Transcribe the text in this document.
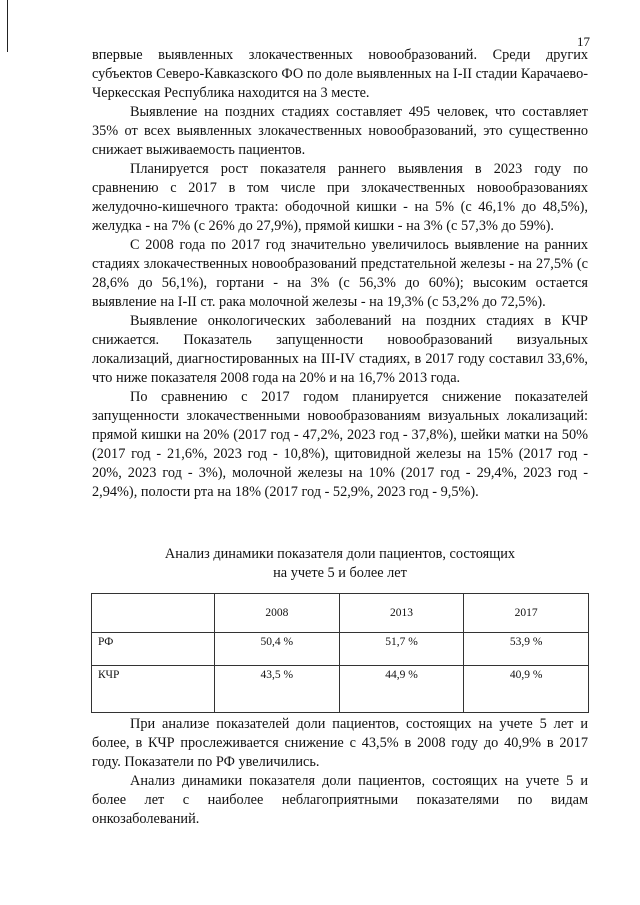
17

впервые выявленных злокачественных новообразований. Среди других субъектов Северо-Кавказского ФО по доле выявленных на I-II стадии Карачаево-Черкесская Республика находится на 3 месте.

Выявление на поздних стадиях составляет 495 человек, что составляет 35% от всех выявленных злокачественных новообразований, это существенно снижает выживаемость пациентов.

Планируется рост показателя раннего выявления в 2023 году по сравнению с 2017 в том числе при злокачественных новообразованиях желудочно-кишечного тракта: ободочной кишки - на 5% (с 46,1% до 48,5%), желудка - на 7% (с 26% до 27,9%), прямой кишки - на 3% (с 57,3% до 59%).

С 2008 года по 2017 год значительно увеличилось выявление на ранних стадиях злокачественных новообразований предстательной железы - на 27,5% (с 28,6% до 56,1%), гортани - на 3% (с 56,3% до 60%); высоким остается выявление на I-II ст. рака молочной железы - на 19,3% (с 53,2% до 72,5%).

Выявление онкологических заболеваний на поздних стадиях в КЧР снижается. Показатель запущенности новообразований визуальных локализаций, диагностированных на III-IV стадиях, в 2017 году составил 33,6%, что ниже показателя 2008 года на 20% и на 16,7% 2013 года.

По сравнению с 2017 годом планируется снижение показателей запущенности злокачественными новообразованиям визуальных локализаций: прямой кишки на 20% (2017 год - 47,2%, 2023 год - 37,8%), шейки матки на 50% (2017 год - 21,6%, 2023 год - 10,8%), щитовидной железы на 15% (2017 год - 20%, 2023 год - 3%), молочной железы на 10% (2017 год - 29,4%, 2023 год - 2,94%), полости рта на 18% (2017 год - 52,9%, 2023 год - 9,5%).

Анализ динамики показателя доли пациентов, состоящих
на учете 5 и более лет
	2008	2013	2017
РФ	50,4 %	51,7 %	53,9 %
КЧР	43,5 %	44,9 %	40,9 %

При анализе показателей доли пациентов, состоящих на учете 5 лет и более, в КЧР прослеживается снижение с 43,5% в 2008 году до 40,9% в 2017 году. Показатели по РФ увеличились.

Анализ динамики показателя доли пациентов, состоящих на учете 5 и более лет с наиболее неблагоприятными показателями по видам онкозаболеваний.
